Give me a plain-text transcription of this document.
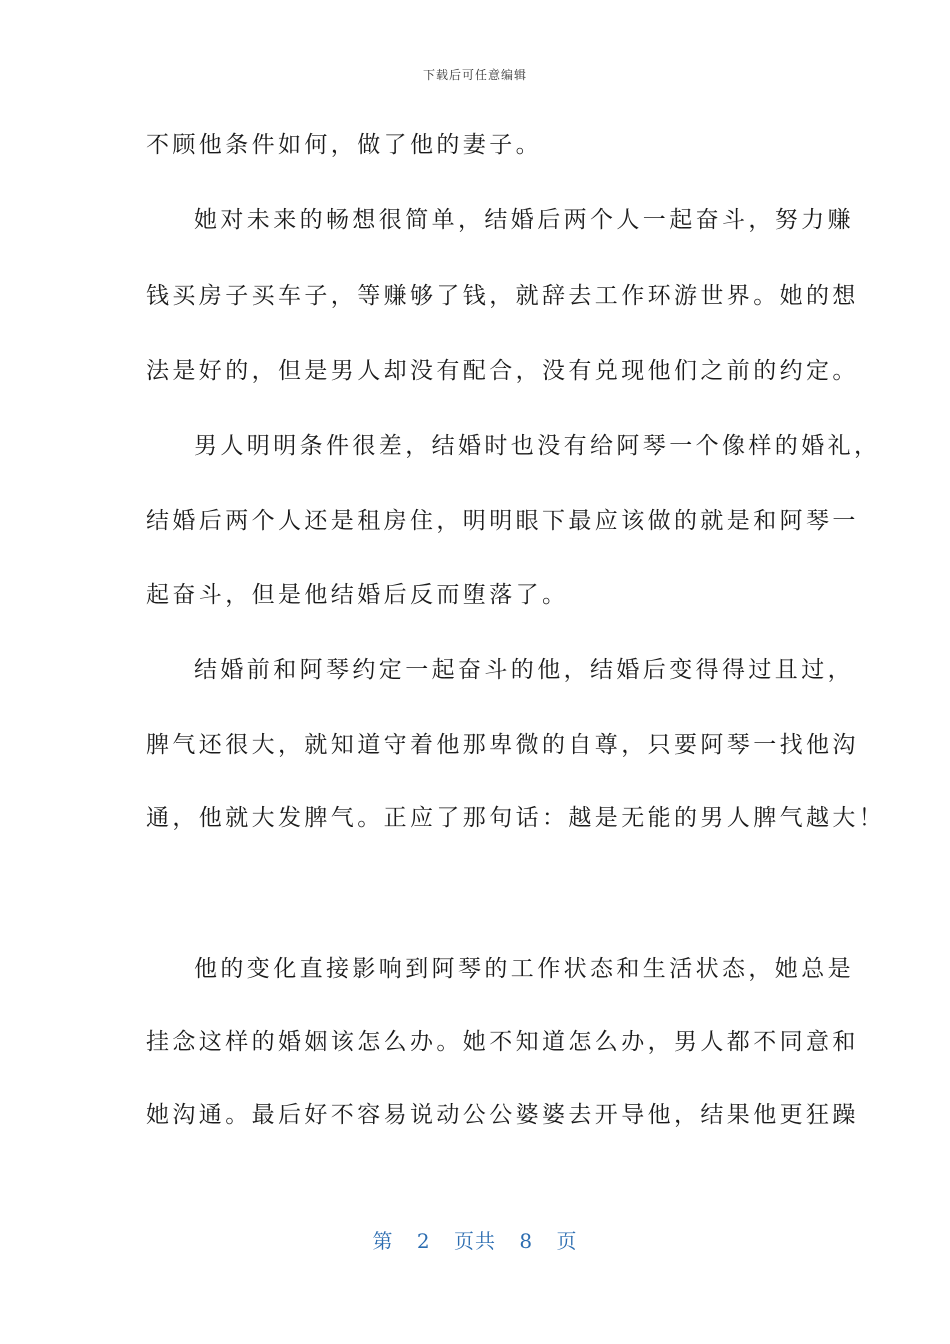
下载后可任意编辑
不顾他条件如何，做了他的妻子。
她对未来的畅想很简单，结婚后两个人一起奋斗，努力赚
钱买房子买车子，等赚够了钱，就辞去工作环游世界。她的想
法是好的，但是男人却没有配合，没有兑现他们之前的约定。
男人明明条件很差，结婚时也没有给阿琴一个像样的婚礼，
结婚后两个人还是租房住，明明眼下最应该做的就是和阿琴一
起奋斗，但是他结婚后反而堕落了。
结婚前和阿琴约定一起奋斗的他，结婚后变得得过且过，
脾气还很大，就知道守着他那卑微的自尊，只要阿琴一找他沟
通，他就大发脾气。正应了那句话：越是无能的男人脾气越大！
他的变化直接影响到阿琴的工作状态和生活状态，她总是
挂念这样的婚姻该怎么办。她不知道怎么办，男人都不同意和
她沟通。最后好不容易说动公公婆婆去开导他，结果他更狂躁
第 2 页共 8 页
